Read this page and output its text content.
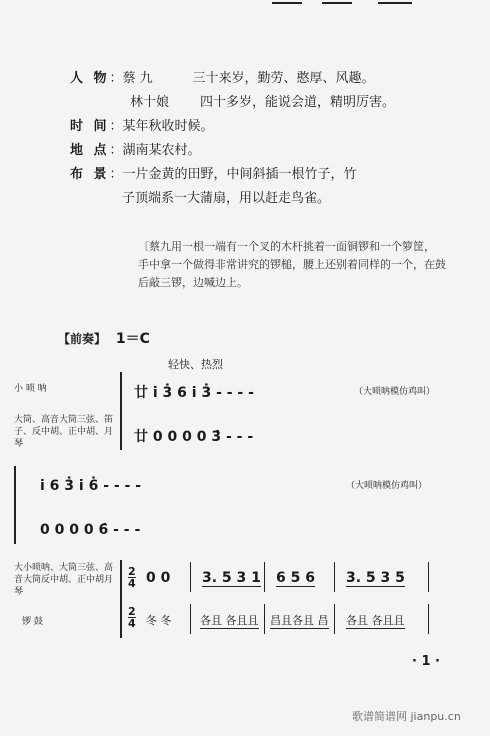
人 物：蔡 九	三十来岁，勤劳、憨厚、风趣。
林十娘 四十多岁，能说会道，精明厉害。
时 间：某年秋收时候。
地 点：湖南某农村。
布 景：一片金黄的田野，中间斜插一根竹子，竹
子顶端系一大蒲扇，用以赶走鸟雀。
〔蔡九用一根一端有一个叉的木杆挑着一面铜锣和一个箩筐，
手中拿一个做得非常讲究的锣槌，腰上还别着同样的一个，在鼓
后敲三锣，边喊边上。
【前奏】 1＝C
轻快、热烈
小 唢 呐
大筒、高音大筒三弦、笛子、反中胡、正中胡、月琴
廿 i 3̇ 6 i 3̇ - - - -	（大唢呐模仿鸡叫）
廿 0 0 0 0 3̇ - - -
i 6 3̇ i 6̇ - - - -	（大唢呐模仿鸡叫）
0 0 0 0 6̇ - - -
大小唢呐、大筒三弦、高音大筒反中胡、正中胡月 琴
锣 鼓
$\frac{2}{4}$
$\frac{2}{4}$
0 0 3. 5 3 1 6 5 6 3. 5 3 5
冬 冬	各且 各且且 昌且各且 昌 各且 各且且
· 1 ·
歌谱简谱网 jianpu.cn
